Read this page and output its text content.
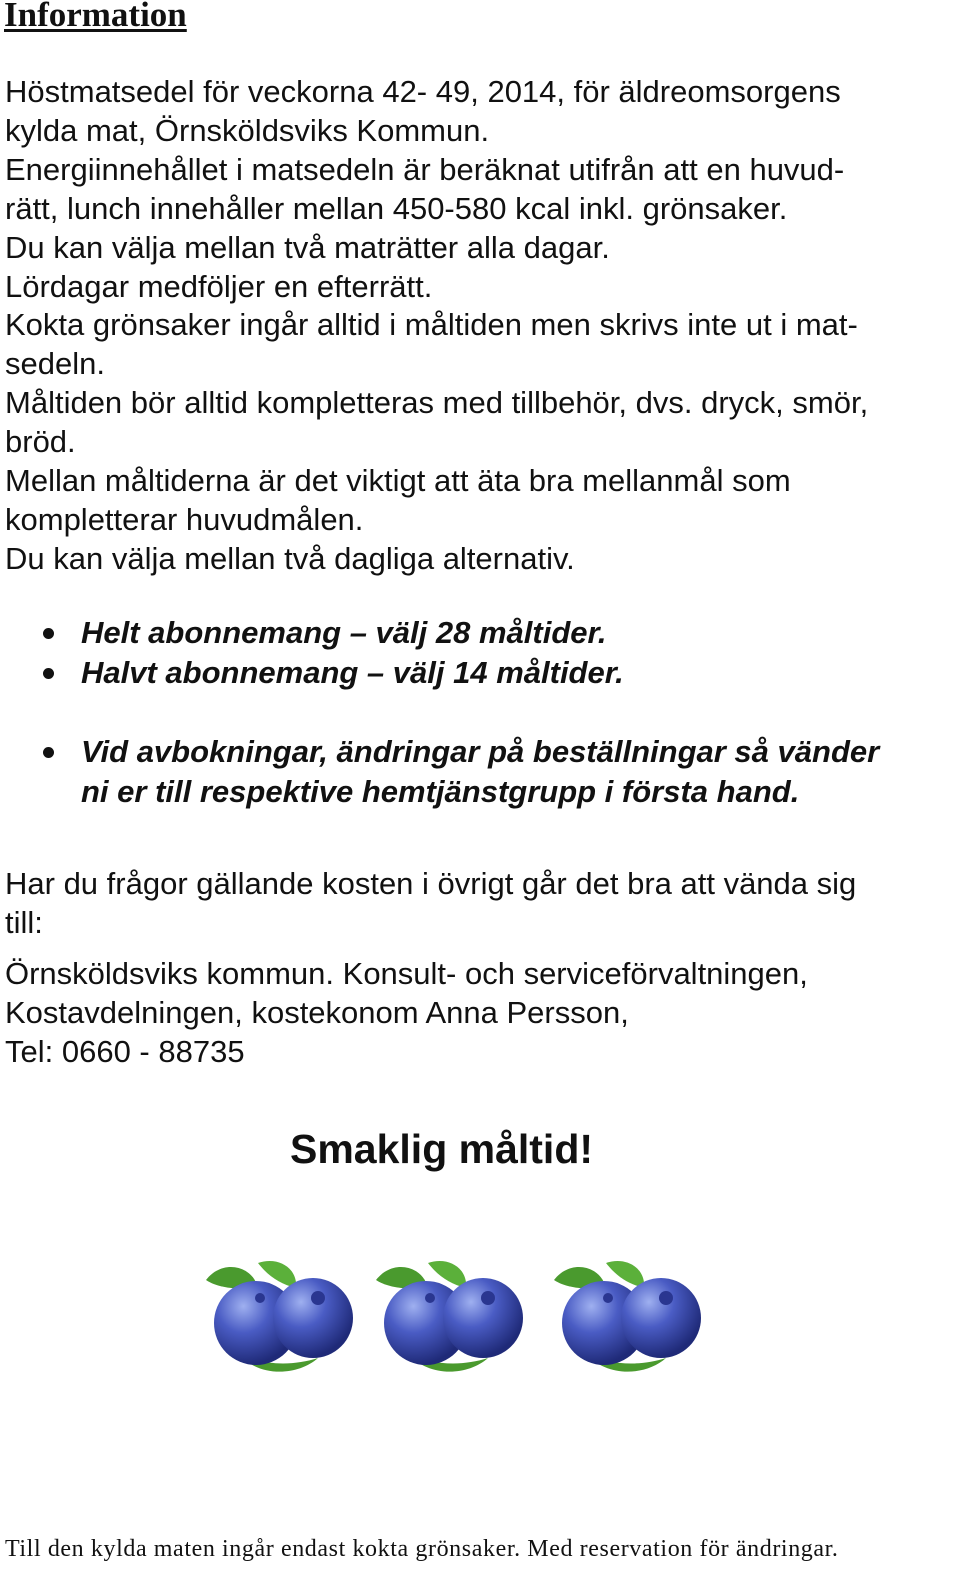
Information

Höstmatsedel för veckorna 42- 49, 2014, för äldreomsorgens
kylda mat, Örnsköldsviks Kommun.
Energiinnehållet i matsedeln är beräknat utifrån att en huvud-
rätt, lunch innehåller mellan 450-580 kcal inkl. grönsaker.
Du kan välja mellan två maträtter alla dagar.
Lördagar medföljer en efterrätt.
Kokta grönsaker ingår alltid i måltiden men skrivs inte ut i mat-
sedeln.
Måltiden bör alltid kompletteras med tillbehör, dvs. dryck, smör,
bröd.
Mellan måltiderna är det viktigt att äta bra mellanmål som
kompletterar huvudmålen.
Du kan välja mellan två dagliga alternativ.

Helt abonnemang – välj 28 måltider.
Halvt abonnemang – välj 14 måltider.
Vid avbokningar, ändringar på beställningar så vänder
ni er till respektive hemtjänstgrupp i första hand.

Har du frågor gällande kosten i övrigt går det bra att vända sig
till:

Örnsköldsviks kommun. Konsult- och serviceförvaltningen,
Kostavdelningen, kostekonom Anna Persson,
Tel: 0660 - 88735

Smaklig måltid!

Till den kylda maten ingår endast kokta grönsaker. Med reservation för ändringar.
